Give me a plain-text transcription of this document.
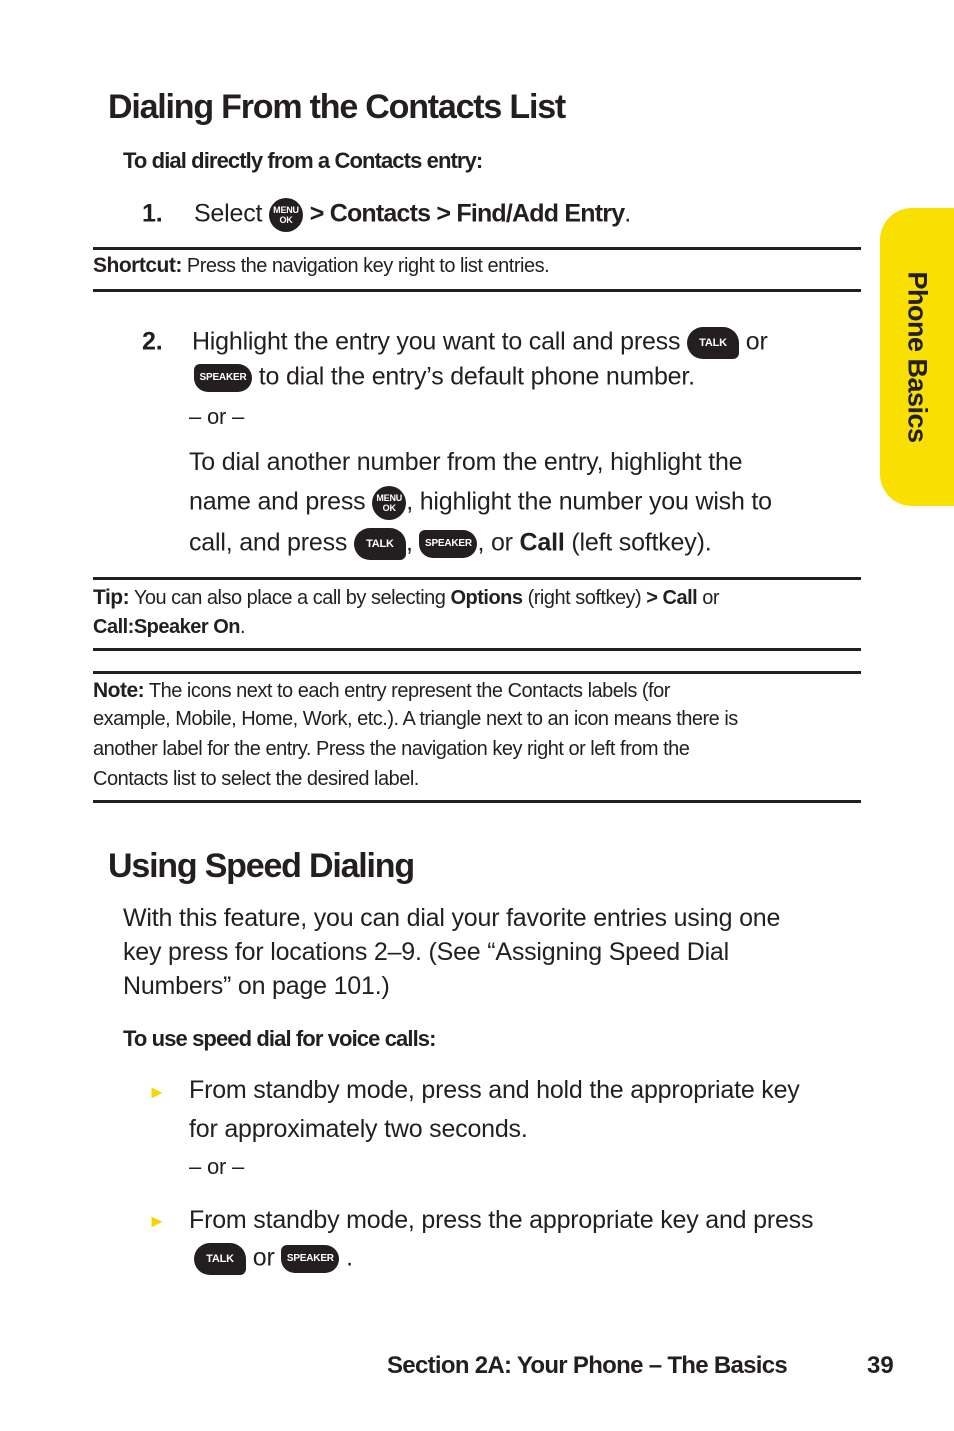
Phone Basics
Dialing From the Contacts List
To dial directly from a Contacts entry:
1. Select MENU
OK > Contacts > Find/Add Entry.
Shortcut: Press the navigation key right to list entries.
2. Highlight the entry you want to call and press TALK or
SPEAKER to dial the entry’s default phone number.
– or –
To dial another number from the entry, highlight the
name and press MENU
OK , highlight the number you wish to
call, and press TALK , SPEAKER , or Call (left softkey).
Tip: You can also place a call by selecting Options (right softkey) > Call or
Call:Speaker On.
Note: The icons next to each entry represent the Contacts labels (for
example, Mobile, Home, Work, etc.). A triangle next to an icon means there is
another label for the entry. Press the navigation key right or left from the
Contacts list to select the desired label.
Using Speed Dialing
With this feature, you can dial your favorite entries using one
key press for locations 2–9. (See “Assigning Speed Dial
Numbers” on page 101.)
To use speed dial for voice calls:
► From standby mode, press and hold the appropriate key
for approximately two seconds.
– or –
► From standby mode, press the appropriate key and press
TALK or SPEAKER .
Section 2A: Your Phone – The Basics	39
